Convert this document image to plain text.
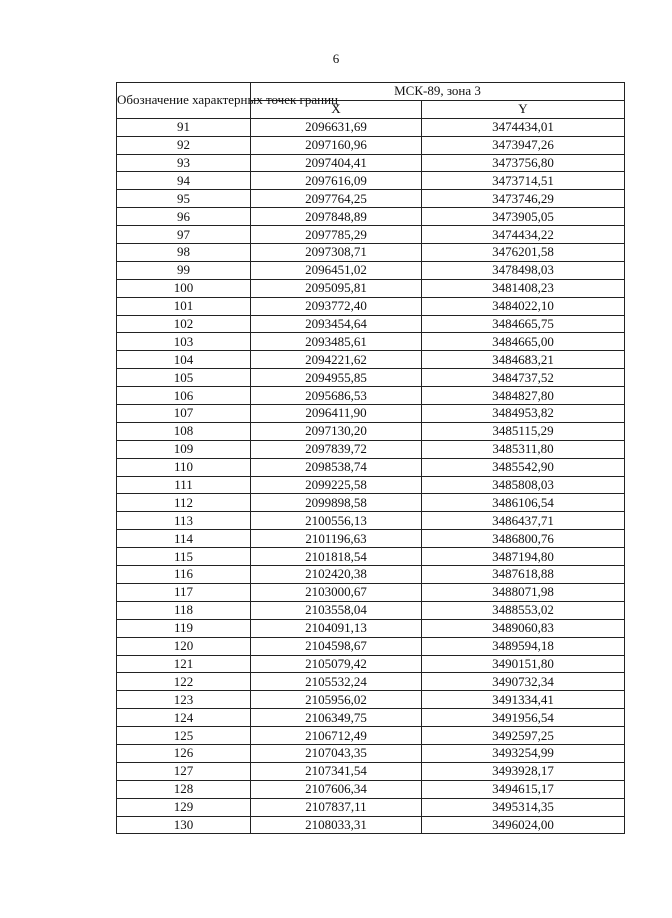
6
Обозначение характерных точек границ	МСК-89, зона 3	
	X	Y
91	2096631,69	3474434,01
92	2097160,96	3473947,26
93	2097404,41	3473756,80
94	2097616,09	3473714,51
95	2097764,25	3473746,29
96	2097848,89	3473905,05
97	2097785,29	3474434,22
98	2097308,71	3476201,58
99	2096451,02	3478498,03
100	2095095,81	3481408,23
101	2093772,40	3484022,10
102	2093454,64	3484665,75
103	2093485,61	3484665,00
104	2094221,62	3484683,21
105	2094955,85	3484737,52
106	2095686,53	3484827,80
107	2096411,90	3484953,82
108	2097130,20	3485115,29
109	2097839,72	3485311,80
110	2098538,74	3485542,90
111	2099225,58	3485808,03
112	2099898,58	3486106,54
113	2100556,13	3486437,71
114	2101196,63	3486800,76
115	2101818,54	3487194,80
116	2102420,38	3487618,88
117	2103000,67	3488071,98
118	2103558,04	3488553,02
119	2104091,13	3489060,83
120	2104598,67	3489594,18
121	2105079,42	3490151,80
122	2105532,24	3490732,34
123	2105956,02	3491334,41
124	2106349,75	3491956,54
125	2106712,49	3492597,25
126	2107043,35	3493254,99
127	2107341,54	3493928,17
128	2107606,34	3494615,17
129	2107837,11	3495314,35
130	2108033,31	3496024,00
